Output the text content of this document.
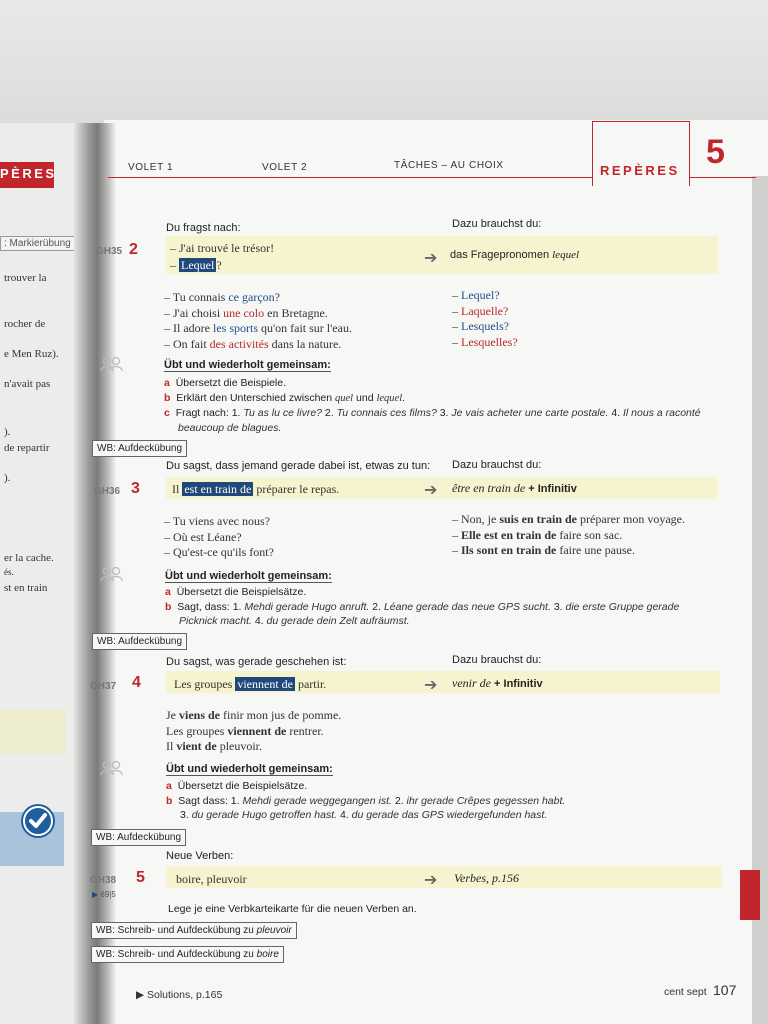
PÈRES
: Markierübung
trouver la
rocher de
e Men Ruz).
n'avait pas
).
de repartir
).
er la cache.
és.
st en train
VOLET 1	VOLET 2	TÂCHES – AU CHOIX	REPÈRES 5
Du fragst nach:	Dazu brauchst du:
GH35 2	– J'ai trouvé le trésor!
– Lequel ?	➔ das Fragepronomen lequel
– Tu connais ce garçon?
– J'ai choisi une colo en Bretagne.
– Il adore les sports qu'on fait sur l'eau.
– On fait des activités dans la nature.
– Lequel?
– Laquelle?
– Lesquels?
– Lesquelles?
Übt und wiederholt gemeinsam:
a Übersetzt die Beispiele.
b Erklärt den Unterschied zwischen quel und lequel.
c Fragt nach: 1. Tu as lu ce livre? 2. Tu connais ces films? 3. Je vais acheter une carte postale. 4. Il nous a raconté
beaucoup de blagues.
WB: Aufdeckübung
Du sagst, dass jemand gerade dabei ist, etwas zu tun: Dazu brauchst du:
GH36 3	Il est en train de préparer le repas.	➔ être en train de + Infinitiv
– Tu viens avec nous?
– Où est Léane?
– Qu'est-ce qu'ils font?
– Non, je suis en train de préparer mon voyage.
– Elle est en train de faire son sac.
– Ils sont en train de faire une pause.
Übt und wiederholt gemeinsam:
a Übersetzt die Beispielsätze.
b Sagt, dass: 1. Mehdi gerade Hugo anruft. 2. Léane gerade das neue GPS sucht. 3. die erste Gruppe gerade
Picknick macht. 4. du gerade dein Zelt aufräumst.
WB: Aufdeckübung
Du sagst, was gerade geschehen ist:	Dazu brauchst du:
GH37 4	Les groupes viennent de partir.	➔ venir de + Infinitiv
Je viens de finir mon jus de pomme.
Les groupes viennent de rentrer.
Il vient de pleuvoir.
Übt und wiederholt gemeinsam:
a Übersetzt die Beispielsätze.
b Sagt dass: 1. Mehdi gerade weggegangen ist. 2. ihr gerade Crêpes gegessen habt.
3. du gerade Hugo getroffen hast. 4. du gerade das GPS wiedergefunden hast.
WB: Aufdeckübung
Neue Verben:
GH38 5
▶ 69|5
boire, pleuvoir	➔ Verbes, p.156
Lege je eine Verbkarteikarte für die neuen Verben an.
WB: Schreib- und Aufdeckübung zu pleuvoir
WB: Schreib- und Aufdeckübung zu boire
▶ Solutions, p.165	cent sept 107
